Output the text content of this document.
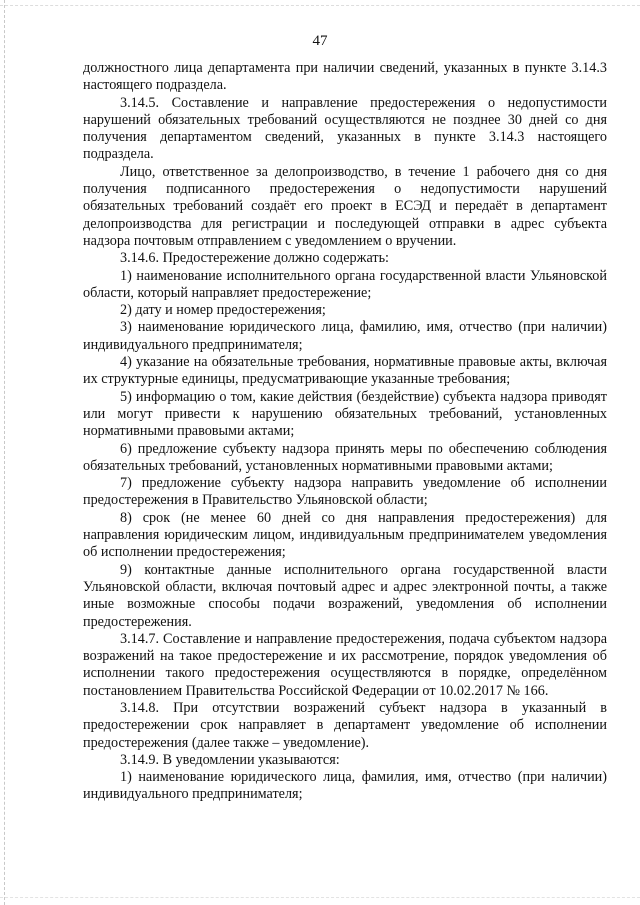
47

должностного лица департамента при наличии сведений, указанных в пункте 3.14.3 настоящего подраздела.

3.14.5. Составление и направление предостережения о недопустимости нарушений обязательных требований осуществляются не позднее 30 дней со дня получения департаментом сведений, указанных в пункте 3.14.3 настоящего подраздела.

Лицо, ответственное за делопроизводство, в течение 1 рабочего дня со дня получения подписанного предостережения о недопустимости нарушений обязательных требований создаёт его проект в ЕСЭД и передаёт в департамент делопроизводства для регистрации и последующей отправки в адрес субъекта надзора почтовым отправлением с уведомлением о вручении.

3.14.6. Предостережение должно содержать:

1) наименование исполнительного органа государственной власти Ульяновской области, который направляет предостережение;

2) дату и номер предостережения;

3) наименование юридического лица, фамилию, имя, отчество (при наличии) индивидуального предпринимателя;

4) указание на обязательные требования, нормативные правовые акты, включая их структурные единицы, предусматривающие указанные требования;

5) информацию о том, какие действия (бездействие) субъекта надзора приводят или могут привести к нарушению обязательных требований, установленных нормативными правовыми актами;

6) предложение субъекту надзора принять меры по обеспечению соблюдения обязательных требований, установленных нормативными правовыми актами;

7) предложение субъекту надзора направить уведомление об исполнении предостережения в Правительство Ульяновской области;

8) срок (не менее 60 дней со дня направления предостережения) для направления юридическим лицом, индивидуальным предпринимателем уведомления об исполнении предостережения;

9) контактные данные исполнительного органа государственной власти Ульяновской области, включая почтовый адрес и адрес электронной почты, а также иные возможные способы подачи возражений, уведомления об исполнении предостережения.

3.14.7. Составление и направление предостережения, подача субъектом надзора возражений на такое предостережение и их рассмотрение, порядок уведомления об исполнении такого предостережения осуществляются в порядке, определённом постановлением Правительства Российской Федерации от 10.02.2017 № 166.

3.14.8. При отсутствии возражений субъект надзора в указанный в предостережении срок направляет в департамент уведомление об исполнении предостережения (далее также – уведомление).

3.14.9. В уведомлении указываются:

1) наименование юридического лица, фамилия, имя, отчество (при наличии) индивидуального предпринимателя;
